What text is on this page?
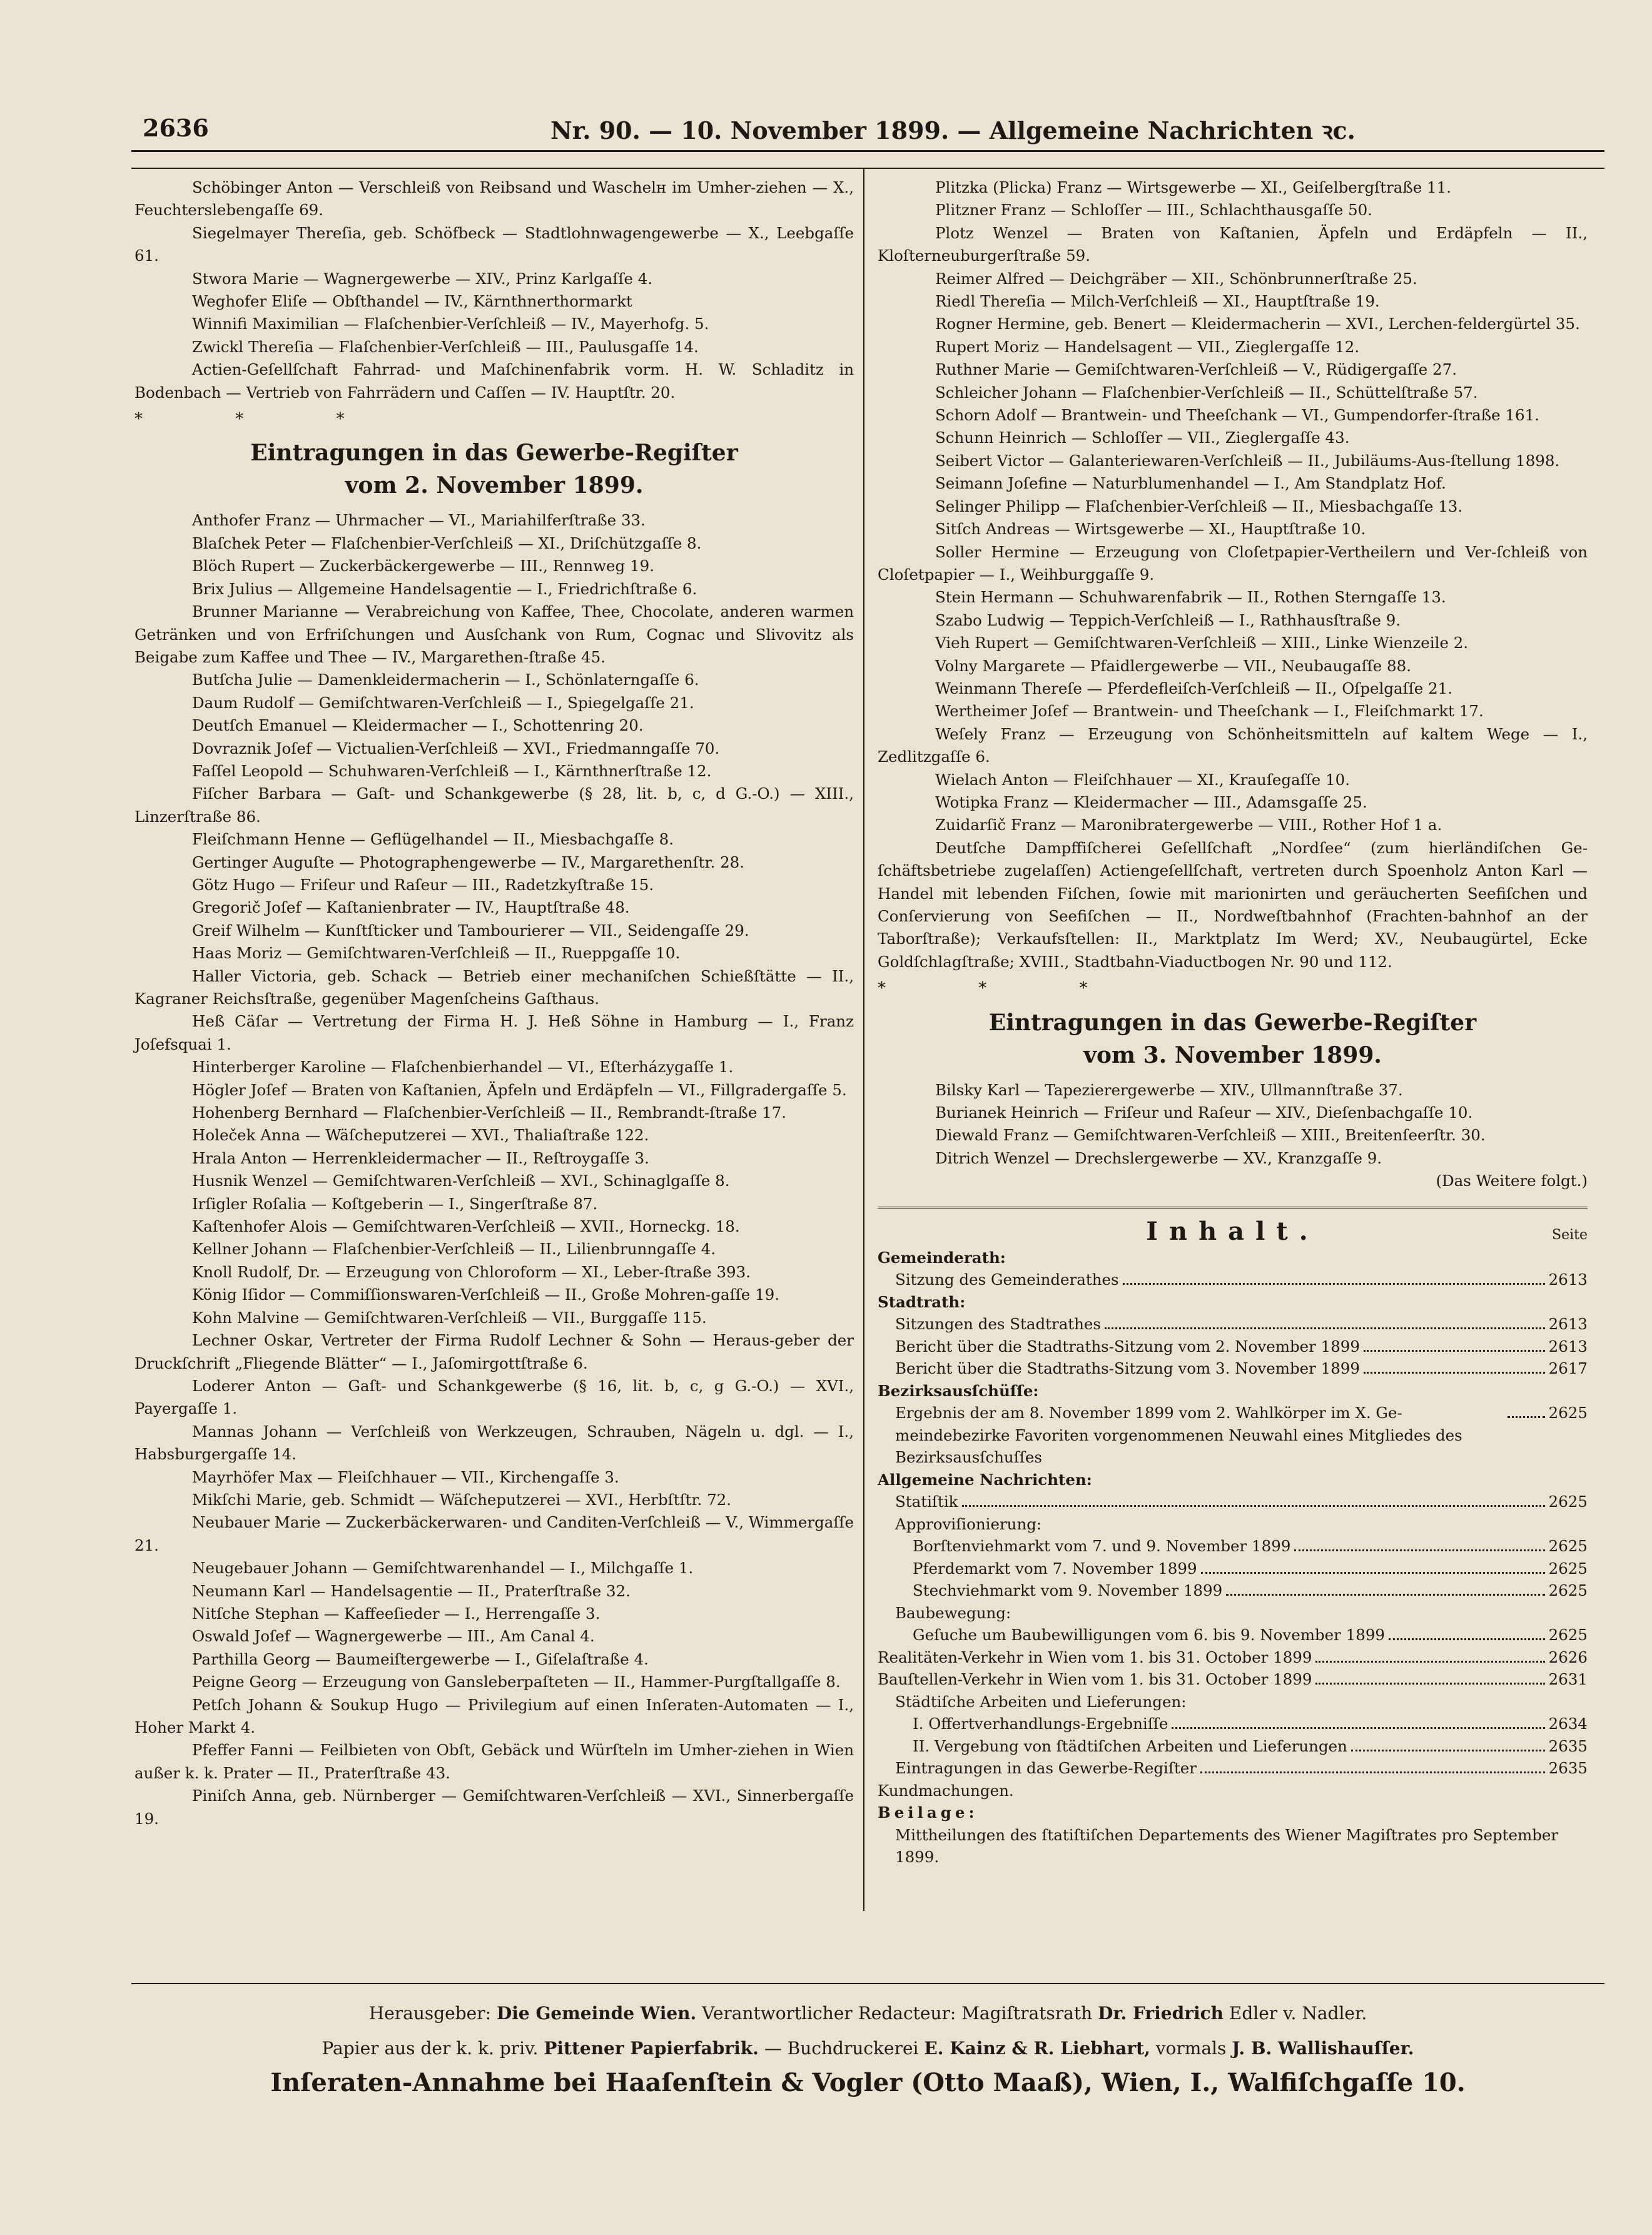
2636	Nr. 90. — 10. November 1899. — Allgemeine Nachrichten ꝛc.

Schöbinger Anton — Verschleiß von Reibsand und Waschelн im Umher-ziehen — X., Feuchterslebengaſſe 69.

Siegelmayer Thereſia, geb. Schöfbeck — Stadtlohnwagengewerbe — X., Leebgaſſe 61.

Stwora Marie — Wagnergewerbe — XIV., Prinz Karlgaſſe 4.

Weghofer Eliſe — Obſthandel — IV., Kärnthnerthormarkt

Winnifi Maximilian — Flaſchenbier-Verſchleiß — IV., Mayerhofg. 5.

Zwickl Thereſia — Flaſchenbier-Verſchleiß — III., Paulusgaſſe 14.

Actien-Geſellſchaft Fahrrad- und Maſchinenfabrik vorm. H. W. Schladitz in Bodenbach — Vertrieb von Fahrrädern und Caſſen — IV. Hauptſtr. 20.

* * *

Eintragungen in das Gewerbe-Regiſter
vom 2. November 1899.

Anthofer Franz — Uhrmacher — VI., Mariahilferſtraße 33.

Blaſchek Peter — Flaſchenbier-Verſchleiß — XI., Driſchützgaſſe 8.

Blöch Rupert — Zuckerbäckergewerbe — III., Rennweg 19.

Brix Julius — Allgemeine Handelsagentie — I., Friedrichſtraße 6.

Brunner Marianne — Verabreichung von Kaffee, Thee, Chocolate, anderen warmen Getränken und von Erfriſchungen und Ausſchank von Rum, Cognac und Slivovitz als Beigabe zum Kaffee und Thee — IV., Margarethen-ſtraße 45.

Butſcha Julie — Damenkleidermacherin — I., Schönlaterngaſſe 6.

Daum Rudolf — Gemiſchtwaren-Verſchleiß — I., Spiegelgaſſe 21.

Deutſch Emanuel — Kleidermacher — I., Schottenring 20.

Dovraznik Joſef — Victualien-Verſchleiß — XVI., Friedmanngaſſe 70.

Faſſel Leopold — Schuhwaren-Verſchleiß — I., Kärnthnerſtraße 12.

Fiſcher Barbara — Gaſt- und Schankgewerbe (§ 28, lit. b, c, d G.-O.) — XIII., Linzerſtraße 86.

Fleiſchmann Henne — Geflügelhandel — II., Miesbachgaſſe 8.

Gertinger Auguſte — Photographengewerbe — IV., Margarethenſtr. 28.

Götz Hugo — Friſeur und Raſeur — III., Radetzkyſtraße 15.

Gregorič Joſef — Kaſtanienbrater — IV., Hauptſtraße 48.

Greif Wilhelm — Kunſtſticker und Tambourierer — VII., Seidengaſſe 29.

Haas Moriz — Gemiſchtwaren-Verſchleiß — II., Rueppgaſſe 10.

Haller Victoria, geb. Schack — Betrieb einer mechaniſchen Schießſtätte — II., Kagraner Reichsſtraße, gegenüber Magenſcheins Gaſthaus.

Heß Cäſar — Vertretung der Firma H. J. Heß Söhne in Hamburg — I., Franz Joſefsquai 1.

Hinterberger Karoline — Flaſchenbierhandel — VI., Eſterházygaſſe 1.

Högler Joſef — Braten von Kaſtanien, Äpfeln und Erdäpfeln — VI., Fillgradergaſſe 5.

Hohenberg Bernhard — Flaſchenbier-Verſchleiß — II., Rembrandt-ſtraße 17.

Holeček Anna — Wäſcheputzerei — XVI., Thaliaſtraße 122.

Hrala Anton — Herrenkleidermacher — II., Reſtroygaſſe 3.

Husnik Wenzel — Gemiſchtwaren-Verſchleiß — XVI., Schinaglgaſſe 8.

Irſigler Roſalia — Koſtgeberin — I., Singerſtraße 87.

Kaſtenhofer Alois — Gemiſchtwaren-Verſchleiß — XVII., Horneckg. 18.

Kellner Johann — Flaſchenbier-Verſchleiß — II., Lilienbrunngaſſe 4.

Knoll Rudolf, Dr. — Erzeugung von Chloroform — XI., Leber-ſtraße 393.

König Iſidor — Commiſſionswaren-Verſchleiß — II., Große Mohren-gaſſe 19.

Kohn Malvine — Gemiſchtwaren-Verſchleiß — VII., Burggaſſe 115.

Lechner Oskar, Vertreter der Firma Rudolf Lechner & Sohn — Heraus-geber der Druckſchrift „Fliegende Blätter“ — I., Jaſomirgottſtraße 6.

Loderer Anton — Gaſt- und Schankgewerbe (§ 16, lit. b, c, g G.-O.) — XVI., Payergaſſe 1.

Mannas Johann — Verſchleiß von Werkzeugen, Schrauben, Nägeln u. dgl. — I., Habsburgergaſſe 14.

Mayrhöfer Max — Fleiſchhauer — VII., Kirchengaſſe 3.

Mikſchi Marie, geb. Schmidt — Wäſcheputzerei — XVI., Herbſtſtr. 72.

Neubauer Marie — Zuckerbäckerwaren- und Canditen-Verſchleiß — V., Wimmergaſſe 21.

Neugebauer Johann — Gemiſchtwarenhandel — I., Milchgaſſe 1.

Neumann Karl — Handelsagentie — II., Praterſtraße 32.

Nitſche Stephan — Kaffeeſieder — I., Herrengaſſe 3.

Oswald Joſef — Wagnergewerbe — III., Am Canal 4.

Parthilla Georg — Baumeiſtergewerbe — I., Giſelaſtraße 4.

Peigne Georg — Erzeugung von Gansleberpaſteten — II., Hammer-Purgſtallgaſſe 8.

Petſch Johann & Soukup Hugo — Privilegium auf einen Inſeraten-Automaten — I., Hoher Markt 4.

Pfeffer Fanni — Feilbieten von Obſt, Gebäck und Würſteln im Umher-ziehen in Wien außer k. k. Prater — II., Praterſtraße 43.

Piniſch Anna, geb. Nürnberger — Gemiſchtwaren-Verſchleiß — XVI., Sinnerbergaſſe 19.

Plitzka (Plicka) Franz — Wirtsgewerbe — XI., Geiſelbergſtraße 11.

Plitzner Franz — Schloſſer — III., Schlachthausgaſſe 50.

Plotz Wenzel — Braten von Kaſtanien, Äpfeln und Erdäpfeln — II., Kloſterneuburgerſtraße 59.

Reimer Alfred — Deichgräber — XII., Schönbrunnerſtraße 25.

Riedl Thereſia — Milch-Verſchleiß — XI., Hauptſtraße 19.

Rogner Hermine, geb. Benert — Kleidermacherin — XVI., Lerchen-feldergürtel 35.

Rupert Moriz — Handelsagent — VII., Zieglergaſſe 12.

Ruthner Marie — Gemiſchtwaren-Verſchleiß — V., Rüdigergaſſe 27.

Schleicher Johann — Flaſchenbier-Verſchleiß — II., Schüttelſtraße 57.

Schorn Adolf — Brantwein- und Theeſchank — VI., Gumpendorfer-ſtraße 161.

Schunn Heinrich — Schloſſer — VII., Zieglergaſſe 43.

Seibert Victor — Galanteriewaren-Verſchleiß — II., Jubiläums-Aus-ſtellung 1898.

Seimann Joſefine — Naturblumenhandel — I., Am Standplatz Hof.

Selinger Philipp — Flaſchenbier-Verſchleiß — II., Miesbachgaſſe 13.

Sitſch Andreas — Wirtsgewerbe — XI., Hauptſtraße 10.

Soller Hermine — Erzeugung von Cloſetpapier-Vertheilern und Ver-ſchleiß von Cloſetpapier — I., Weihburggaſſe 9.

Stein Hermann — Schuhwarenfabrik — II., Rothen Sterngaſſe 13.

Szabo Ludwig — Teppich-Verſchleiß — I., Rathhausſtraße 9.

Vieh Rupert — Gemiſchtwaren-Verſchleiß — XIII., Linke Wienzeile 2.

Volny Margarete — Pfaidlergewerbe — VII., Neubaugaſſe 88.

Weinmann Thereſe — Pferdefleiſch-Verſchleiß — II., Oſpelgaſſe 21.

Wertheimer Joſef — Brantwein- und Theeſchank — I., Fleiſchmarkt 17.

Weſely Franz — Erzeugung von Schönheitsmitteln auf kaltem Wege — I., Zedlitzgaſſe 6.

Wielach Anton — Fleiſchhauer — XI., Krauſegaſſe 10.

Wotipka Franz — Kleidermacher — III., Adamsgaſſe 25.

Zuidarſič Franz — Maronibratergewerbe — VIII., Rother Hof 1 a.

Deutſche Dampffiſcherei Geſellſchaft „Nordſee“ (zum hierländiſchen Ge-ſchäftsbetriebe zugelaſſen) Actiengeſellſchaft, vertreten durch Spoenholz Anton Karl — Handel mit lebenden Fiſchen, ſowie mit marionirten und geräucherten Seefiſchen und Conſervierung von Seefiſchen — II., Nordweſtbahnhof (Frachten-bahnhof an der Taborſtraße); Verkaufsſtellen: II., Marktplatz Im Werd; XV., Neubaugürtel, Ecke Goldſchlagſtraße; XVIII., Stadtbahn-Viaductbogen Nr. 90 und 112.

* * *

Eintragungen in das Gewerbe-Regiſter
vom 3. November 1899.

Bilsky Karl — Tapezierergewerbe — XIV., Ullmannſtraße 37.

Burianek Heinrich — Friſeur und Raſeur — XIV., Dieſenbachgaſſe 10.

Diewald Franz — Gemiſchtwaren-Verſchleiß — XIII., Breitenſeerſtr. 30.

Ditrich Wenzel — Drechslergewerbe — XV., Kranzgaſſe 9.

(Das Weitere folgt.)

Inhalt.	Seite
Gemeinderath:
Sitzung des Gemeinderathes	2613
Stadtrath:
Sitzungen des Stadtrathes	2613
Bericht über die Stadtraths-Sitzung vom 2. November 1899	2613
Bericht über die Stadtraths-Sitzung vom 3. November 1899	2617
Bezirksausſchüſſe:
Ergebnis der am 8. November 1899 vom 2. Wahlkörper im X. Ge-meindebezirke Favoriten vorgenommenen Neuwahl eines Mitgliedes des Bezirksausſchuſſes
2625
Allgemeine Nachrichten:
Statiſtik	2625
Approviſionierung:
Borſtenviehmarkt vom 7. und 9. November 1899	2625
Pferdemarkt vom 7. November 1899	2625
Stechviehmarkt vom 9. November 1899	2625
Baubewegung:
Geſuche um Baubewilligungen vom 6. bis 9. November 1899	2625
Realitäten-Verkehr in Wien vom 1. bis 31. October 1899	2626
Bauſtellen-Verkehr in Wien vom 1. bis 31. October 1899	2631
Städtiſche Arbeiten und Lieferungen:
I. Offertverhandlungs-Ergebniſſe	2634
II. Vergebung von ſtädtiſchen Arbeiten und Lieferungen	2635
Eintragungen in das Gewerbe-Regiſter	2635
Kundmachungen.
Beilage:
Mittheilungen des ſtatiſtiſchen Departements des Wiener Magiſtrates pro September 1899.
Herausgeber: Die Gemeinde Wien. Verantwortlicher Redacteur: Magiſtratsrath Dr. Friedrich Edler v. Nadler.
Papier aus der k. k. priv. Pittener Papierfabrik. — Buchdruckerei E. Kainz & R. Liebhart, vormals J. B. Wallishauſſer.
Inſeraten-Annahme bei Haaſenſtein & Vogler (Otto Maaß), Wien, I., Walfiſchgaſſe 10.
